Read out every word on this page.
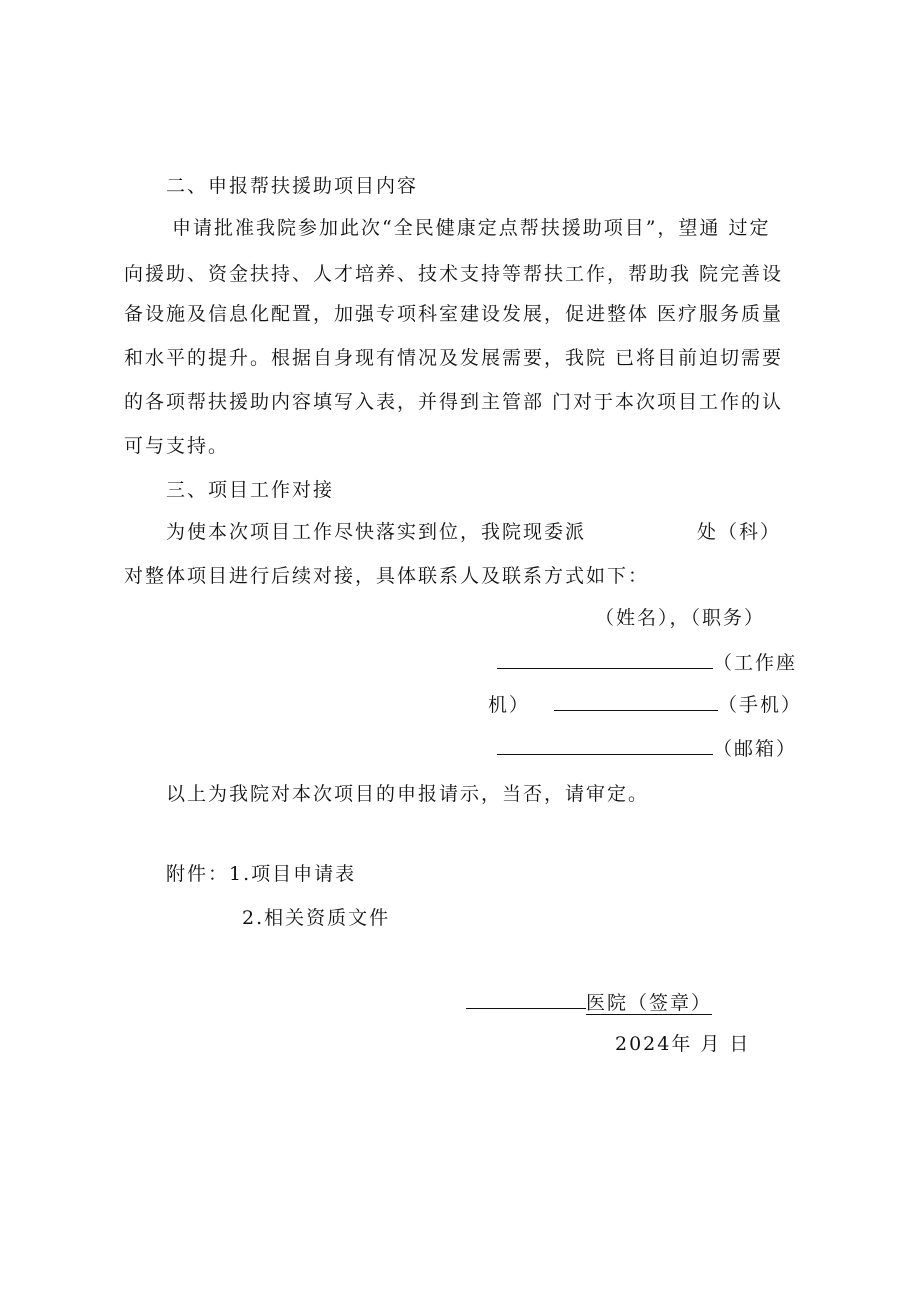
二、申报帮扶援助项目内容
申请批准我院参加此次“全民健康定点帮扶援助项目”，望通 过定
向援助、资金扶持、人才培养、技术支持等帮扶工作，帮助我 院完善设
备设施及信息化配置，加强专项科室建设发展，促进整体 医疗服务质量
和水平的提升。根据自身现有情况及发展需要，我院 已将目前迫切需要
的各项帮扶援助内容填写入表，并得到主管部 门对于本次项目工作的认
可与支持。
三、项目工作对接
为使本次项目工作尽快落实到位，我院现委派	处（科）
对整体项目进行后续对接，具体联系人及联系方式如下：
（姓名），（职务）
（工作座
机）	（手机）
（邮箱）
以上为我院对本次项目的申报请示，当否，请审定。
附件：1.项目申请表
2.相关资质文件
医院（签章）
2024年 月 日
